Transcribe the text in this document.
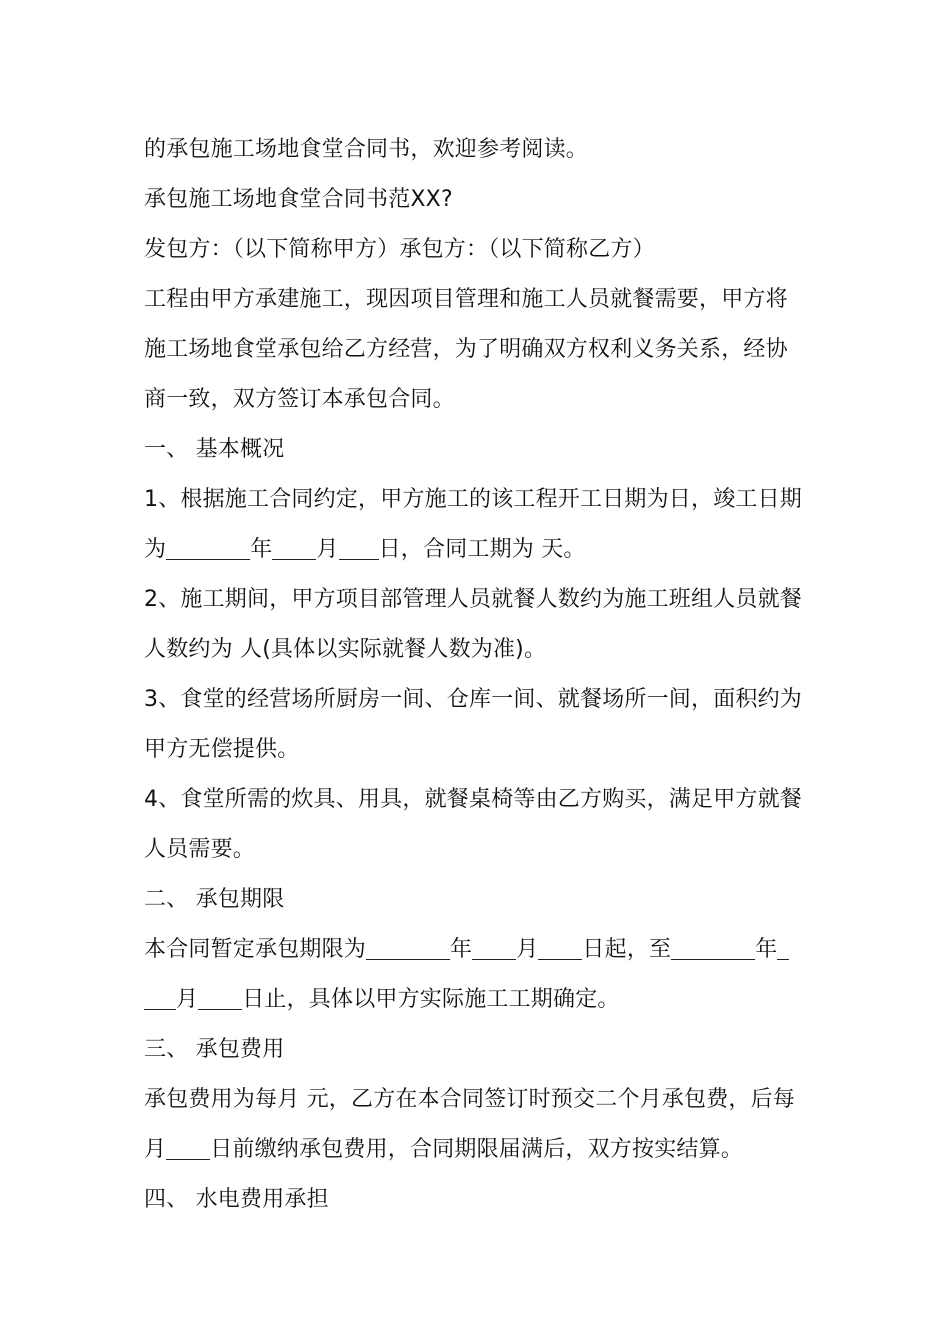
的承包施工场地食堂合同书，欢迎参考阅读。
承包施工场地食堂合同书范XX?
发包方：（以下简称甲方）承包方：（以下简称乙方）
工程由甲方承建施工，现因项目管理和施工人员就餐需要，甲方将
施工场地食堂承包给乙方经营，为了明确双方权利义务关系，经协
商一致，双方签订本承包合同。
一、 基本概况
1、根据施工合同约定，甲方施工的该工程开工日期为日，竣工日期
为	年 月 日，合同工期为 天。
2、施工期间，甲方项目部管理人员就餐人数约为施工班组人员就餐
人数约为 人(具体以实际就餐人数为准)。
3、食堂的经营场所厨房一间、仓库一间、就餐场所一间，面积约为
甲方无偿提供。
4、食堂所需的炊具、用具，就餐桌椅等由乙方购买，满足甲方就餐
人员需要。
二、 承包期限
本合同暂定承包期限为	年 月 日起，至	年
月 日止，具体以甲方实际施工工期确定。
三、 承包费用
承包费用为每月 元，乙方在本合同签订时预交二个月承包费，后每
月 日前缴纳承包费用，合同期限届满后，双方按实结算。
四、 水电费用承担
